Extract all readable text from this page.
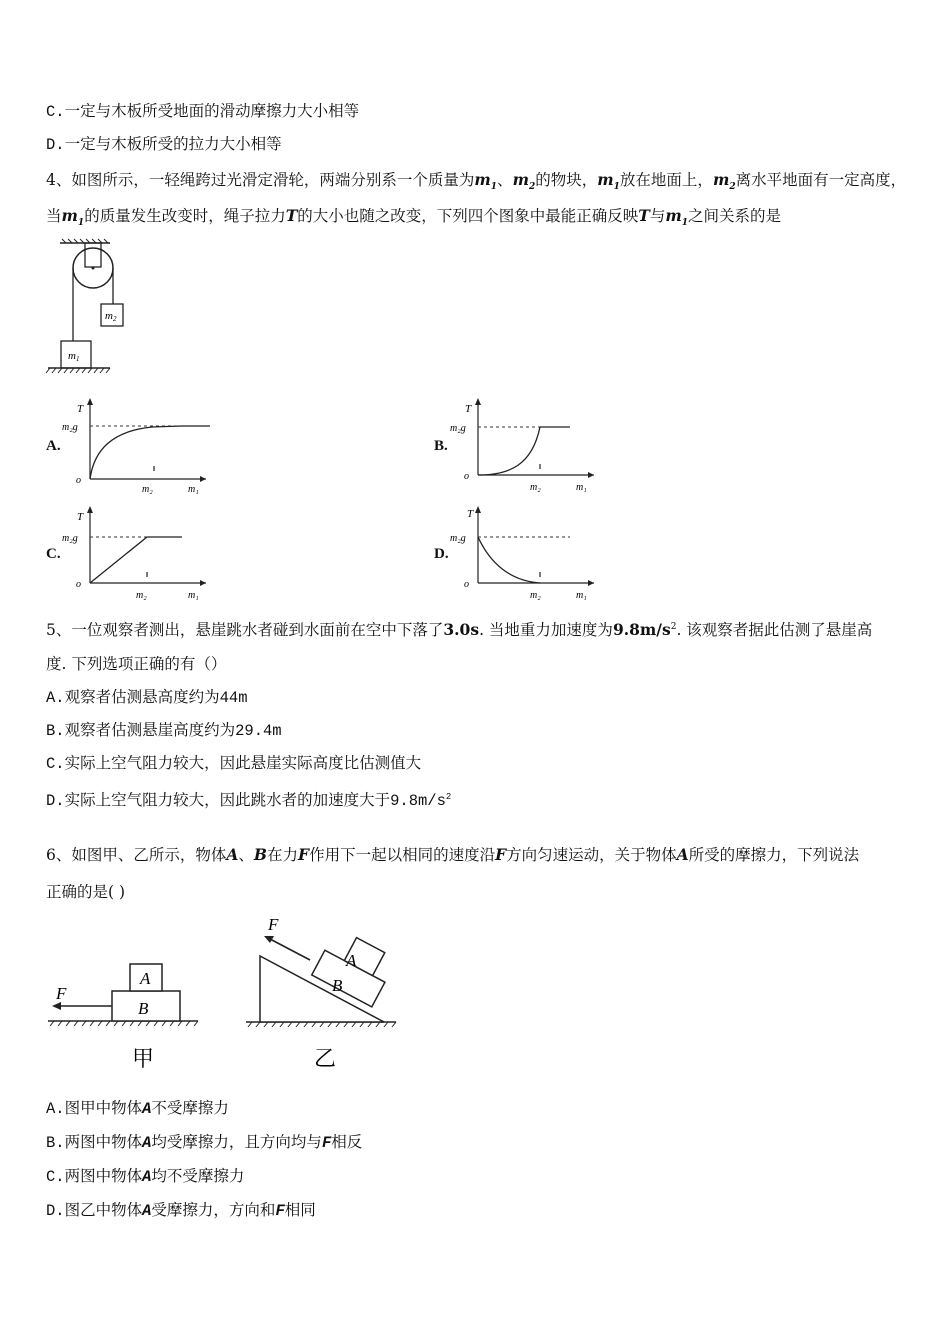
C.一定与木板所受地面的滑动摩擦力大小相等
D.一定与木板所受的拉力大小相等
4、如图所示，一轻绳跨过光滑定滑轮，两端分别系一个质量为$m_1$、$m_2$的物块，$m_1$放在地面上，$m_2$离水平地面有一定高度，
当$m_1$的质量发生改变时，绳子拉力T的大小也随之改变，下列四个图象中最能正确反映T与$m_1$之间关系的是
m2
m1
A.
T
m₂g
o
m₂	m₁
B.
T
m₂g
o
m₂	m₁
C.
T
m₂g
o
m₂	m₁
D.
T
m₂g
o
m₂	m₁
5、一位观察者测出，悬崖跳水者碰到水面前在空中下落了3.0s. 当地重力加速度为$9.8m/s^2$. 该观察者据此估测了悬崖高
度. 下列选项正确的有（）
A.观察者估测悬高度约为44m
B.观察者估测悬崖高度约为29.4m
C.实际上空气阻力较大，因此悬崖实际高度比估测值大
D.实际上空气阻力较大，因此跳水者的加速度大于$9.8m/s^2$
6、如图甲、乙所示，物体A、B在力F作用下一起以相同的速度沿F方向匀速运动，关于物体A所受的摩擦力，下列说法
正确的是( )
A
B
F
甲
A
B
F
乙
A.图甲中物体A不受摩擦力
B.两图中物体A均受摩擦力，且方向均与F相反
C.两图中物体A均不受摩擦力
D.图乙中物体A受摩擦力，方向和F相同
